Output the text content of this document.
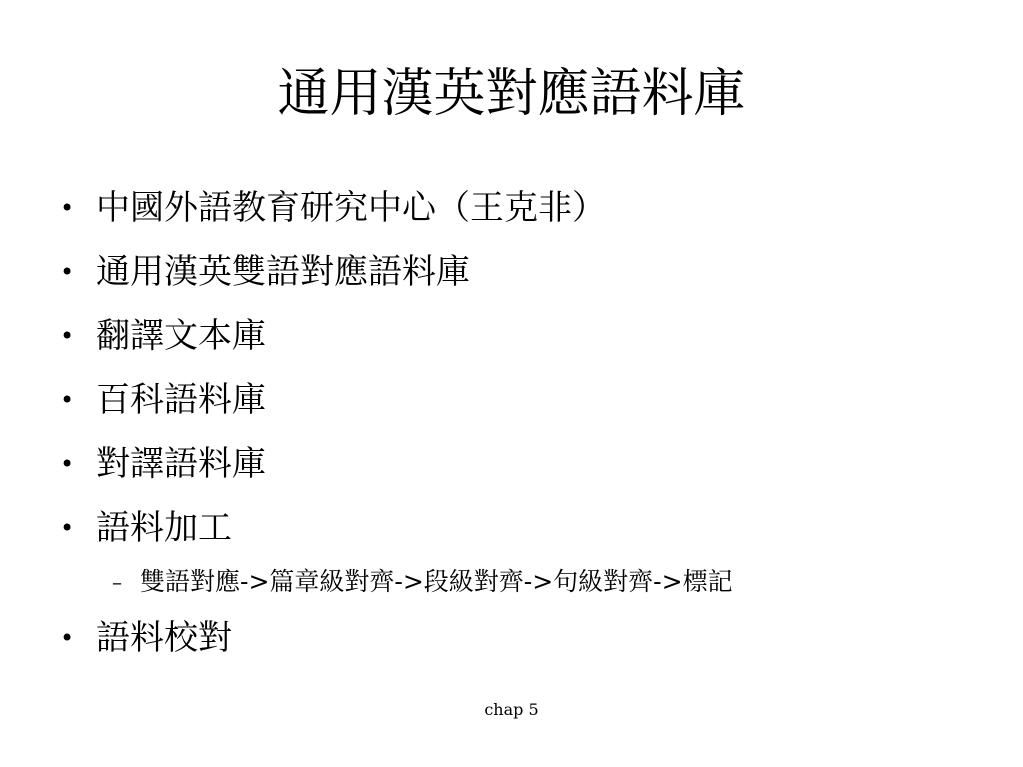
通用漢英對應語料庫
• 中國外語教育研究中心（王克非）
• 通用漢英雙語對應語料庫
• 翻譯文本庫
• 百科語料庫
• 對譯語料庫
• 語料加工
– 雙語對應->篇章級對齊->段級對齊->句級對齊->標記
• 語料校對
chap 5
